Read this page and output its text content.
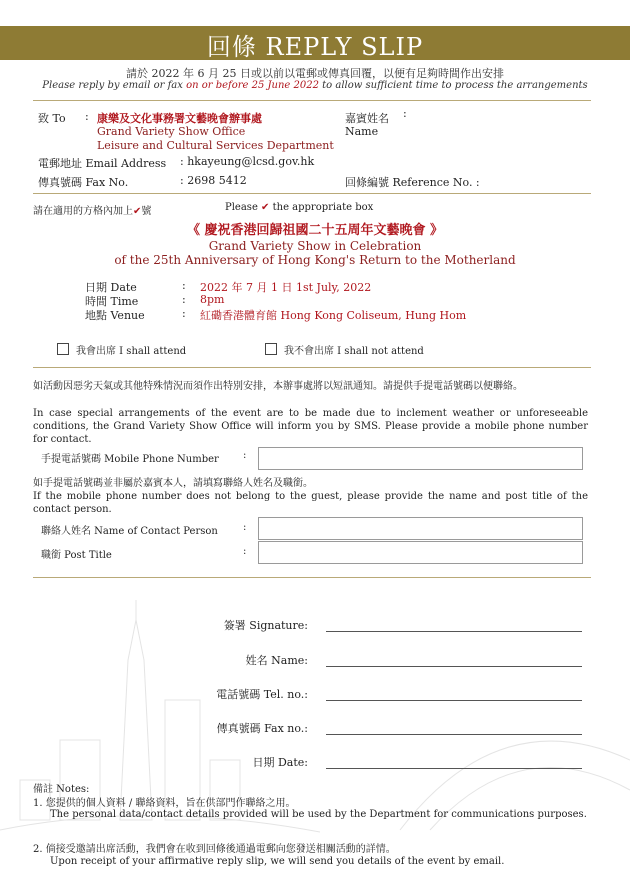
回條 REPLY SLIP
請於 2022 年 6 月 25 日或以前以電郵或傳真回覆，以便有足夠時間作出安排
Please reply by email or fax on or before 25 June 2022 to allow sufficient time to process the arrangements
致 To : 康樂及文化事務署文藝晚會辦事處
Grand Variety Show Office
Leisure and Cultural Services Department
電郵地址 Email Address : hkayeung@lcsd.gov.hk
傳真號碼 Fax No.	: 2698 5412
嘉賓姓名 :
Name
回條編號 Reference No. :
請在適用的方格內加上✔號	Please ✔ the appropriate box
《 慶祝香港回歸祖國二十五周年文藝晚會 》
Grand Variety Show in Celebration
of the 25th Anniversary of Hong Kong's Return to the Motherland
日期 Date	: 2022 年 7 月 1 日 1st July, 2022
時間 Time	: 8pm
地點 Venue	: 紅磡香港體育館 Hong Kong Coliseum, Hung Hom
我會出席 I shall attend	我不會出席 I shall not attend
如活動因惡劣天氣或其他特殊情況而須作出特別安排，本辦事處將以短訊通知。請提供手提電話號碼以便聯絡。
In case special arrangements of the event are to be made due to inclement weather or unforeseeable conditions, the Grand Variety Show Office will inform you by SMS. Please provide a mobile phone number for contact.
手提電話號碼 Mobile Phone Number :
如手提電話號碼並非屬於嘉賓本人，請填寫聯絡人姓名及職銜。
If the mobile phone number does not belong to the guest, please provide the name and post title of the contact person.
聯絡人姓名 Name of Contact Person	:
職銜 Post Title	:
簽署 Signature:
姓名 Name:
電話號碼 Tel. no.:
傳真號碼 Fax no.:
日期 Date:
備註 Notes:
1. 您提供的個人資料 / 聯絡資料，旨在供部門作聯絡之用。
The personal data/contact details provided will be used by the Department for communications purposes.
2. 倘接受邀請出席活動，我們會在收到回條後通過電郵向您發送相關活動的詳情。
Upon receipt of your affirmative reply slip, we will send you details of the event by email.
